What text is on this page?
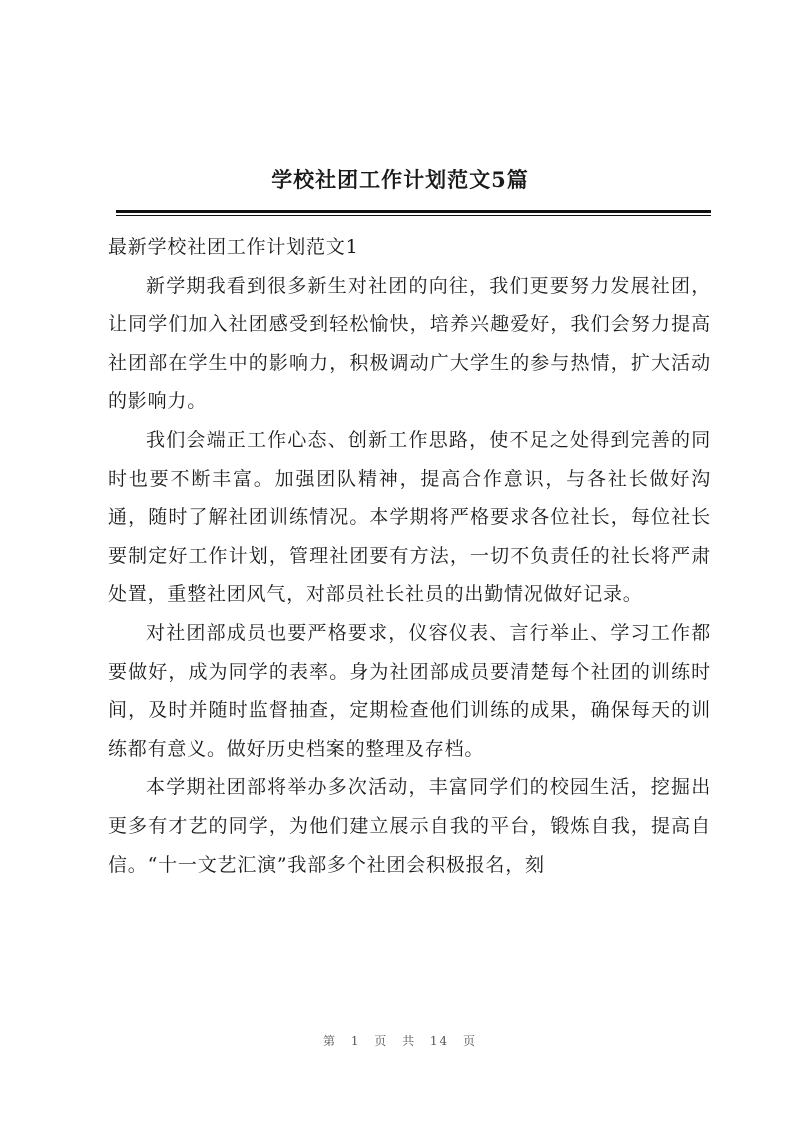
学校社团工作计划范文5篇
最新学校社团工作计划范文1

新学期我看到很多新生对社团的向往，我们更要努力发展社团，让同学们加入社团感受到轻松愉快，培养兴趣爱好，我们会努力提高社团部在学生中的影响力，积极调动广大学生的参与热情，扩大活动的影响力。

我们会端正工作心态、创新工作思路，使不足之处得到完善的同时也要不断丰富。加强团队精神，提高合作意识，与各社长做好沟通，随时了解社团训练情况。本学期将严格要求各位社长，每位社长要制定好工作计划，管理社团要有方法，一切不负责任的社长将严肃处置，重整社团风气，对部员社长社员的出勤情况做好记录。

对社团部成员也要严格要求，仪容仪表、言行举止、学习工作都要做好，成为同学的表率。身为社团部成员要清楚每个社团的训练时间，及时并随时监督抽查，定期检查他们训练的成果，确保每天的训练都有意义。做好历史档案的整理及存档。

本学期社团部将举办多次活动，丰富同学们的校园生活，挖掘出更多有才艺的同学，为他们建立展示自我的平台，锻炼自我，提高自信。“十一文艺汇演”我部多个社团会积极报名，刻

第 1 页 共 14 页
